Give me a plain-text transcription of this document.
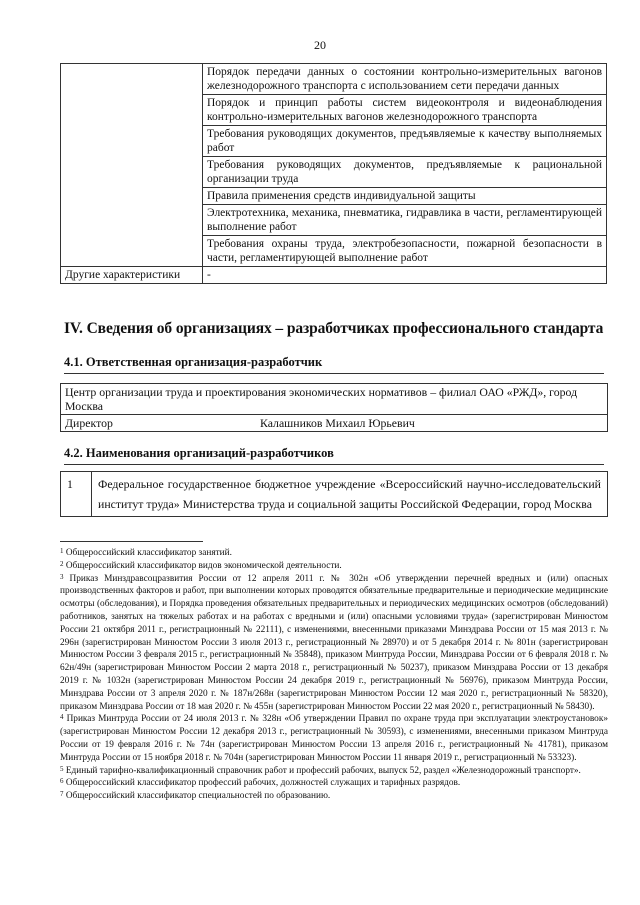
20
	Порядок передачи данных о состоянии контрольно-измерительных вагонов железнодорожного транспорта с использованием сети передачи данных
	Порядок и принцип работы систем видеоконтроля и видеонаблюдения контрольно-измерительных вагонов железнодорожного транспорта
	Требования руководящих документов, предъявляемые к качеству выполняемых работ
	Требования руководящих документов, предъявляемые к рациональной организации труда
	Правила применения средств индивидуальной защиты
	Электротехника, механика, пневматика, гидравлика в части, регламентирующей выполнение работ
	Требования охраны труда, электробезопасности, пожарной безопасности в части, регламентирующей выполнение работ
Другие характеристики	-
IV. Сведения об организациях – разработчиках профессионального стандарта
4.1. Ответственная организация-разработчик
Центр организации труда и проектирования экономических нормативов – филиал ОАО «РЖД», город Москва

Директор	Калашников Михаил Юрьевич
4.2. Наименования организаций-разработчиков
1	Федеральное государственное бюджетное учреждение «Всероссийский научно-исследовательский институт труда» Министерства труда и социальной защиты Российской Федерации, город Москва

$^1$ Общероссийский классификатор занятий.

$^2$ Общероссийский классификатор видов экономической деятельности.

$^3$ Приказ Минздравсоцразвития России от 12 апреля 2011 г. № 302н «Об утверждении перечней вредных и (или) опасных производственных факторов и работ, при выполнении которых проводятся обязательные предварительные и периодические медицинские осмотры (обследования), и Порядка проведения обязательных предварительных и периодических медицинских осмотров (обследований) работников, занятых на тяжелых работах и на работах с вредными и (или) опасными условиями труда» (зарегистрирован Минюстом России 21 октября 2011 г., регистрационный № 22111), с изменениями, внесенными приказами Минздрава России от 15 мая 2013 г. № 296н (зарегистрирован Минюстом России 3 июля 2013 г., регистрационный № 28970) и от 5 декабря 2014 г. № 801н (зарегистрирован Минюстом России 3 февраля 2015 г., регистрационный № 35848), приказом Минтруда России, Минздрава России от 6 февраля 2018 г. № 62н/49н (зарегистрирован Минюстом России 2 марта 2018 г., регистрационный № 50237), приказом Минздрава России от 13 декабря 2019 г. № 1032н (зарегистрирован Минюстом России 24 декабря 2019 г., регистрационный № 56976), приказом Минтруда России, Минздрава России от 3 апреля 2020 г. № 187н/268н (зарегистрирован Минюстом России 12 мая 2020 г., регистрационный № 58320), приказом Минздрава России от 18 мая 2020 г. № 455н (зарегистрирован Минюстом России 22 мая 2020 г., регистрационный № 58430).

$^4$ Приказ Минтруда России от 24 июля 2013 г. № 328н «Об утверждении Правил по охране труда при эксплуатации электроустановок» (зарегистрирован Минюстом России 12 декабря 2013 г., регистрационный № 30593), с изменениями, внесенными приказом Минтруда России от 19 февраля 2016 г. № 74н (зарегистрирован Минюстом России 13 апреля 2016 г., регистрационный № 41781), приказом Минтруда России от 15 ноября 2018 г. № 704н (зарегистрирован Минюстом России 11 января 2019 г., регистрационный № 53323).

$^5$ Единый тарифно-квалификационный справочник работ и профессий рабочих, выпуск 52, раздел «Железнодорожный транспорт».

$^6$ Общероссийский классификатор профессий рабочих, должностей служащих и тарифных разрядов.

$^7$ Общероссийский классификатор специальностей по образованию.
